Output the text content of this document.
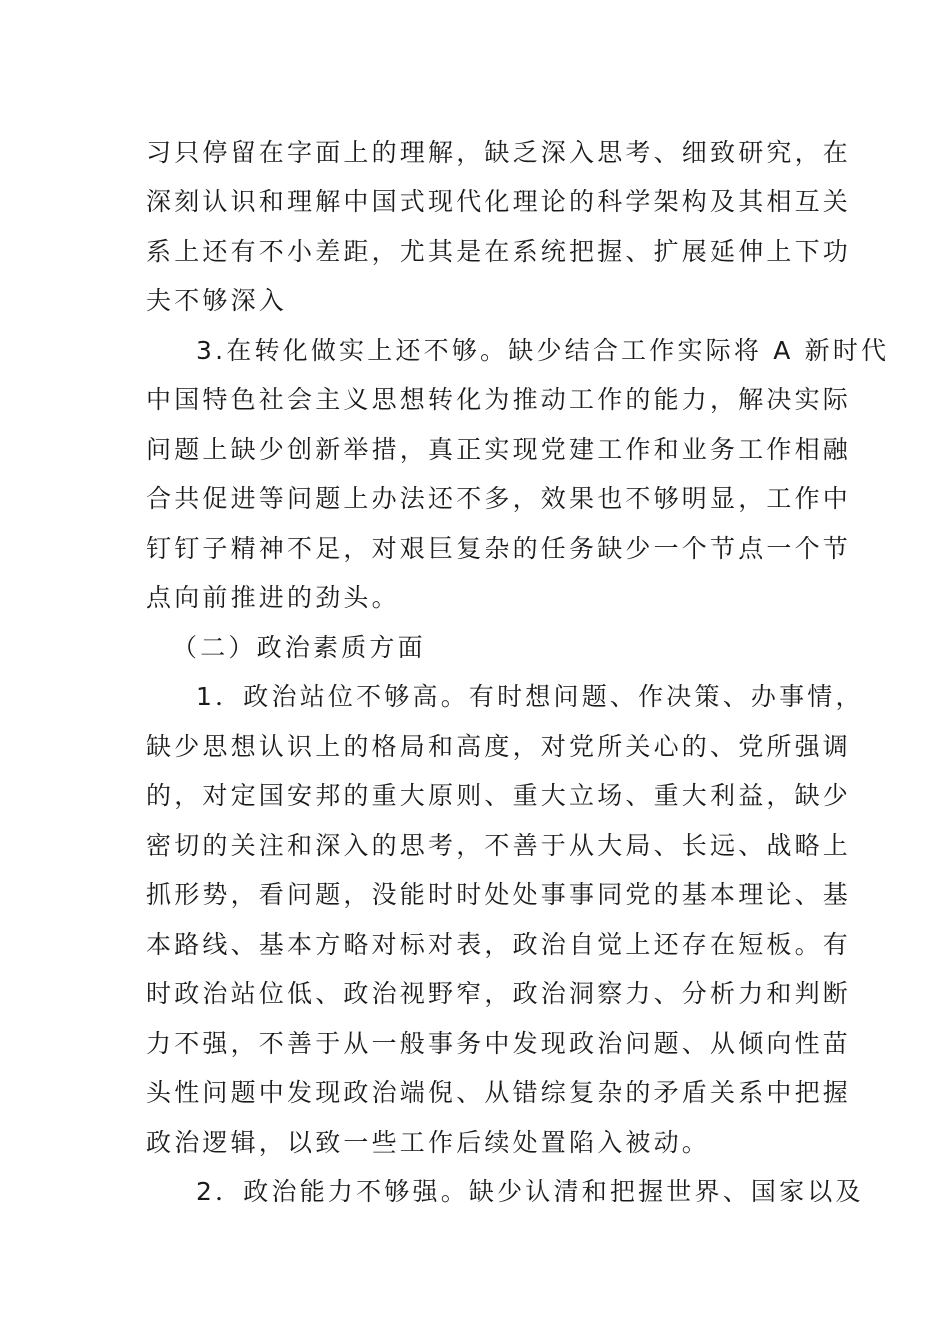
习只停留在字面上的理解，缺乏深入思考、细致研究，在
深刻认识和理解中国式现代化理论的科学架构及其相互关
系上还有不小差距，尤其是在系统把握、扩展延伸上下功
夫不够深入
3.在转化做实上还不够。缺少结合工作实际将 A 新时代
中国特色社会主义思想转化为推动工作的能力，解决实际
问题上缺少创新举措，真正实现党建工作和业务工作相融
合共促进等问题上办法还不多，效果也不够明显，工作中
钉钉子精神不足，对艰巨复杂的任务缺少一个节点一个节
点向前推进的劲头。
（二）政治素质方面
1．政治站位不够高。有时想问题、作决策、办事情，
缺少思想认识上的格局和高度，对党所关心的、党所强调
的，对定国安邦的重大原则、重大立场、重大利益，缺少
密切的关注和深入的思考，不善于从大局、长远、战略上
抓形势，看问题，没能时时处处事事同党的基本理论、基
本路线、基本方略对标对表，政治自觉上还存在短板。有
时政治站位低、政治视野窄，政治洞察力、分析力和判断
力不强，不善于从一般事务中发现政治问题、从倾向性苗
头性问题中发现政治端倪、从错综复杂的矛盾关系中把握
政治逻辑，以致一些工作后续处置陷入被动。
2．政治能力不够强。缺少认清和把握世界、国家以及
